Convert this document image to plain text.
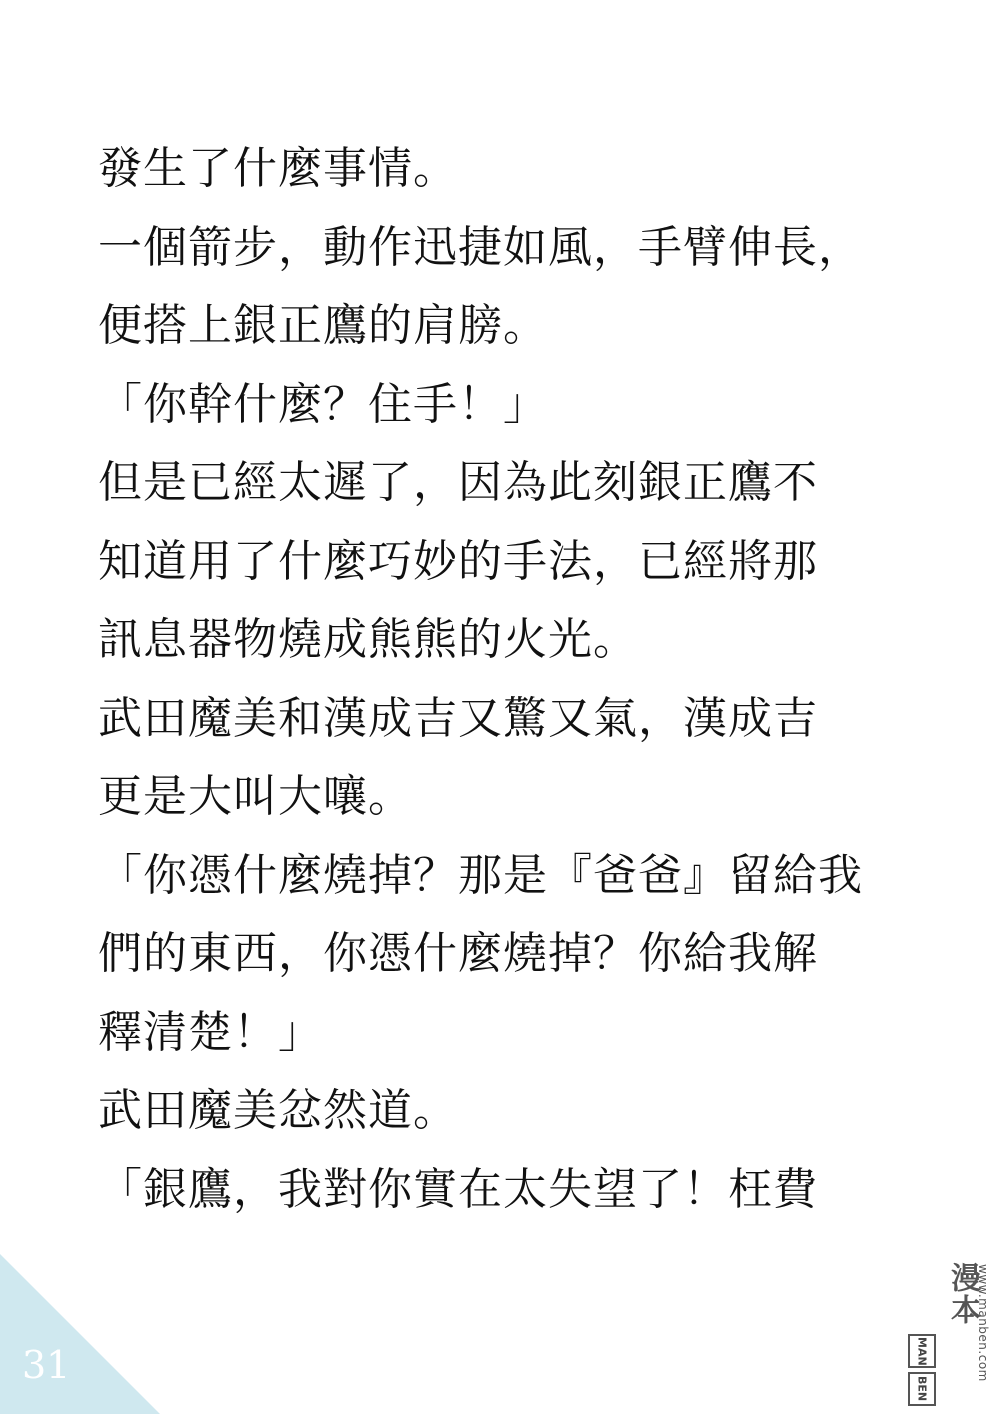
發生了什麼事情。
一個箭步，動作迅捷如風，手臂伸長，
便搭上銀正鷹的肩膀。
「你幹什麼？住手！」
但是已經太遲了，因為此刻銀正鷹不
知道用了什麼巧妙的手法，已經將那
訊息器物燒成熊熊的火光。
武田魔美和漢成吉又驚又氣，漢成吉
更是大叫大嚷。
「你憑什麼燒掉？那是『爸爸』留給我
們的東西，你憑什麼燒掉？你給我解
釋清楚！」
武田魔美忿然道。
「銀鷹，我對你實在太失望了！枉費
31	MAN
BEN
漫本
www.manben.com
